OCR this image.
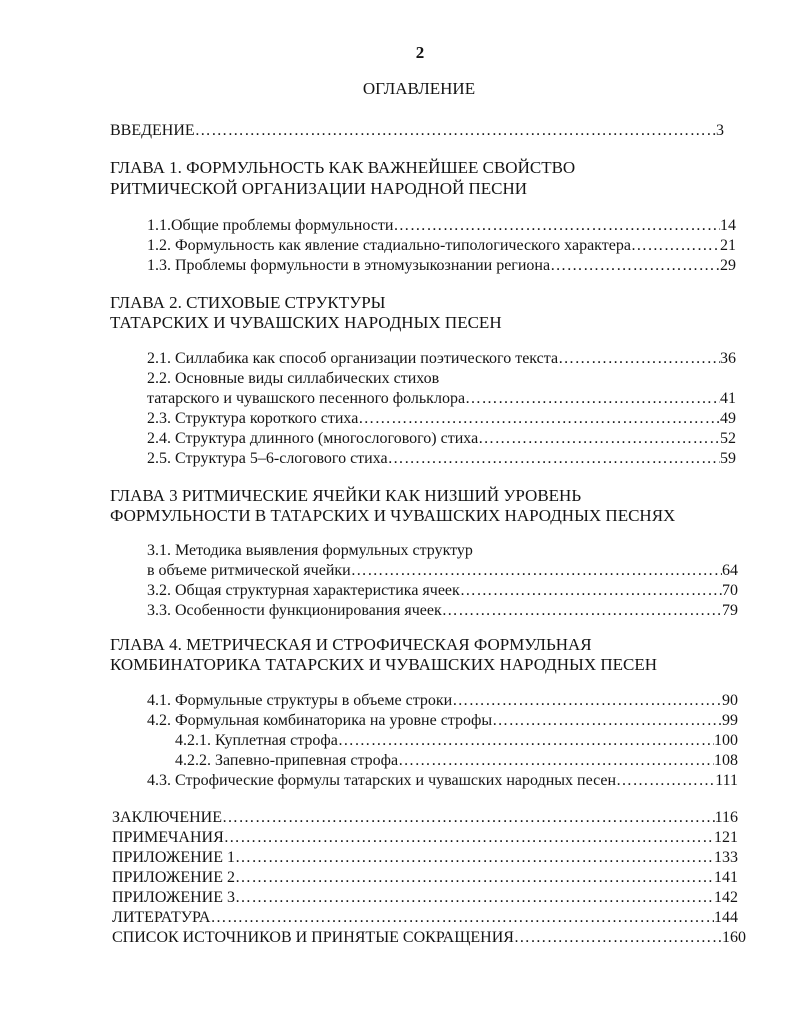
2
ОГЛАВЛЕНИЕ
ВВЕДЕНИЕ …………………………………………………………………………………………………………………………………	3
ГЛАВА 1. ФОРМУЛЬНОСТЬ КАК ВАЖНЕЙШЕЕ СВОЙСТВО
РИТМИЧЕСКОЙ ОРГАНИЗАЦИИ НАРОДНОЙ ПЕСНИ
1.1.Общие проблемы формульности …………………………………………………………………………………………………………………………………	14
1.2. Формульность как явление стадиально-типологического характера …………………………………………………………………………………………………………………………………	21
1.3. Проблемы формульности в этномузыкознании региона …………………………………………………………………………………………………………………………………	29
ГЛАВА 2. СТИХОВЫЕ СТРУКТУРЫ
ТАТАРСКИХ И ЧУВАШСКИХ НАРОДНЫХ ПЕСЕН
2.1. Силлабика как способ организации поэтического текста …………………………………………………………………………………………………………………………………	36
2.2. Основные виды силлабических стихов
татарского и чувашского песенного фольклора …………………………………………………………………………………………………………………………………	41
2.3. Структура короткого стиха …………………………………………………………………………………………………………………………………	49
2.4. Структура длинного (многослогового) стиха …………………………………………………………………………………………………………………………………	52
2.5. Структура 5–6-слогового стиха …………………………………………………………………………………………………………………………………	59
ГЛАВА 3 РИТМИЧЕСКИЕ ЯЧЕЙКИ КАК НИЗШИЙ УРОВЕНЬ
ФОРМУЛЬНОСТИ В ТАТАРСКИХ И ЧУВАШСКИХ НАРОДНЫХ ПЕСНЯХ
3.1. Методика выявления формульных структур
в объеме ритмической ячейки …………………………………………………………………………………………………………………………………	64
3.2. Общая структурная характеристика ячеек …………………………………………………………………………………………………………………………………	70
3.3. Особенности функционирования ячеек …………………………………………………………………………………………………………………………………	79
ГЛАВА 4. МЕТРИЧЕСКАЯ И СТРОФИЧЕСКАЯ ФОРМУЛЬНАЯ
КОМБИНАТОРИКА ТАТАРСКИХ И ЧУВАШСКИХ НАРОДНЫХ ПЕСЕН
4.1. Формульные структуры в объеме строки …………………………………………………………………………………………………………………………………	90
4.2. Формульная комбинаторика на уровне строфы …………………………………………………………………………………………………………………………………	99
4.2.1. Куплетная строфа …………………………………………………………………………………………………………………………………	100
4.2.2. Запевно-припевная строфа …………………………………………………………………………………………………………………………………	108
4.3. Строфические формулы татарских и чувашских народных песен …………………………………………………………………………………………………………………………………	111
ЗАКЛЮЧЕНИЕ …………………………………………………………………………………………………………………………………	116
ПРИМЕЧАНИЯ …………………………………………………………………………………………………………………………………	121
ПРИЛОЖЕНИЕ 1 …………………………………………………………………………………………………………………………………	133
ПРИЛОЖЕНИЕ 2 …………………………………………………………………………………………………………………………………	141
ПРИЛОЖЕНИЕ 3 …………………………………………………………………………………………………………………………………	142
ЛИТЕРАТУРА …………………………………………………………………………………………………………………………………	144
СПИСОК ИСТОЧНИКОВ И ПРИНЯТЫЕ СОКРАЩЕНИЯ …………………………………………………………………………………………………………………………………	160
